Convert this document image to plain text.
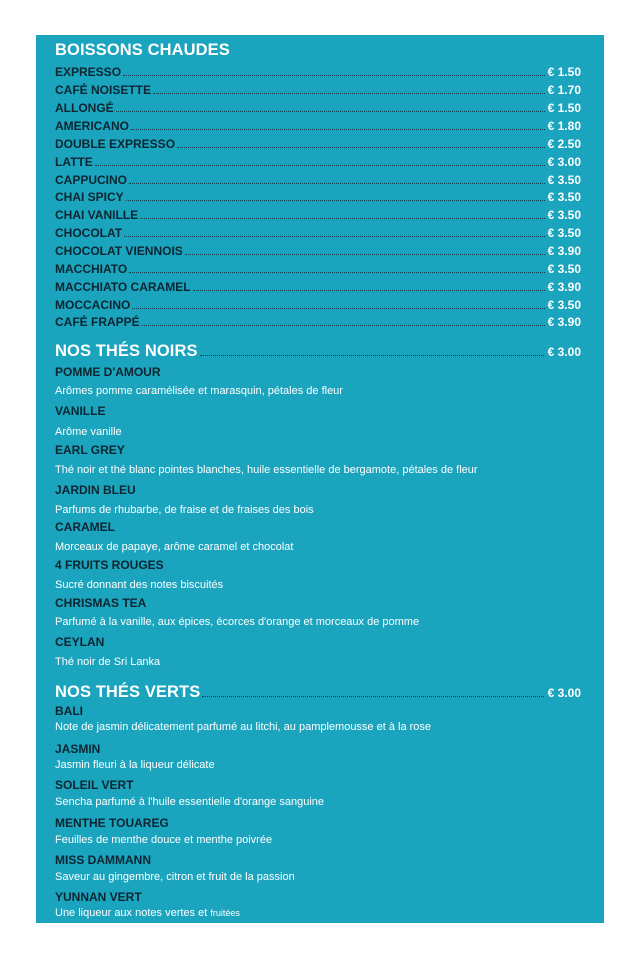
BOISSONS CHAUDES
EXPRESSO	€ 1.50
CAFÉ NOISETTE	€ 1.70
ALLONGÉ	€ 1.50
AMERICANO	€ 1.80
DOUBLE EXPRESSO	€ 2.50
LATTE	€ 3.00
CAPPUCINO	€ 3.50
CHAI SPICY	€ 3.50
CHAI VANILLE	€ 3.50
CHOCOLAT	€ 3.50
CHOCOLAT VIENNOIS	€ 3.90
MACCHIATO	€ 3.50
MACCHIATO CARAMEL	€ 3.90
MOCCACINO	€ 3.50
CAFÉ FRAPPÉ	€ 3.90
NOS THÉS NOIRS	€ 3.00
POMME D'AMOUR
Arômes pomme caramélisée et marasquin, pétales de fleur
VANILLE
Arôme vanille
EARL GREY
Thé noir et thé blanc pointes blanches, huile essentielle de bergamote, pétales de fleur
JARDIN BLEU
Parfums de rhubarbe, de fraise et de fraises des bois
CARAMEL
Morceaux de papaye, arôme caramel et chocolat
4 FRUITS ROUGES
Sucré donnant des notes biscuités
CHRISMAS TEA
Parfumé à la vanille, aux épices, écorces d'orange et morceaux de pomme
CEYLAN
Thé noir de Sri Lanka
NOS THÉS VERTS	€ 3.00
BALI
Note de jasmin délicatement parfumé au litchi, au pamplemousse et à la rose
JASMIN
Jasmin fleuri à la liqueur délicate
SOLEIL VERT
Sencha parfumé à l'huile essentielle d'orange sanguine
MENTHE TOUAREG
Feuilles de menthe douce et menthe poivrée
MISS DAMMANN
Saveur au gingembre, citron et fruit de la passion
YUNNAN VERT
Une liqueur aux notes vertes et fruitées
